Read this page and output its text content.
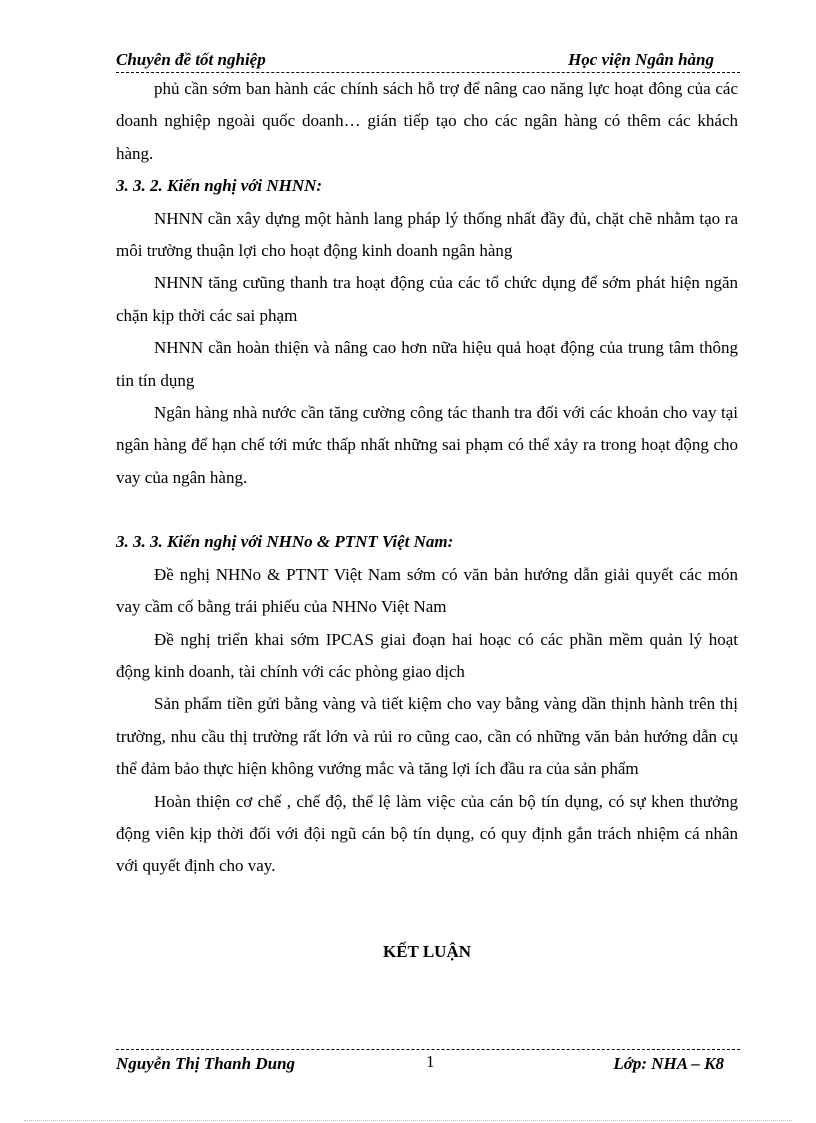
Chuyên đề tốt nghiệp	Học viện Ngân hàng

phủ cần sớm ban hành các chính sách hỗ trợ để nâng cao năng lực hoạt đông của các doanh nghiệp ngoài quốc doanh… gián tiếp tạo cho các ngân hàng có thêm các khách hàng.

3. 3. 2. Kiến nghị với NHNN:

NHNN cần xây dựng một hành lang pháp lý thống nhất đầy đủ, chặt chẽ nhằm tạo ra môi trường thuận lợi cho hoạt động kinh doanh ngân hàng

NHNN tăng cưũng thanh tra hoạt động của các tổ chức dụng để sớm phát hiện ngăn chặn kịp thời các sai phạm

NHNN cần hoàn thiện và nâng cao hơn nữa hiệu quả hoạt động của trung tâm thông tin tín dụng

Ngân hàng nhà nước cần tăng cường công tác thanh tra đối với các khoản cho vay tại ngân hàng để hạn chế tới mức thấp nhất những sai phạm có thể xảy ra trong hoạt động cho vay của ngân hàng.

3. 3. 3. Kiến nghị với NHNo & PTNT Việt Nam:

Đề nghị NHNo & PTNT Việt Nam sớm có văn bản hướng dẫn giải quyết các món vay cầm cố bằng trái phiếu của NHNo Việt Nam

Đề nghị triển khai sớm IPCAS giai đoạn hai hoạc có các phần mềm quản lý hoạt động kinh doanh, tài chính với các phòng giao dịch

Sản phẩm tiền gửi bằng vàng và tiết kiệm cho vay bằng vàng dần thịnh hành trên thị trường, nhu cầu thị trường rất lớn và rủi ro cũng cao, cần có những văn bản hướng dẫn cụ thể đảm bảo thực hiện không vướng mắc và tăng lợi ích đầu ra của sản phẩm

Hoàn thiện cơ chế , chế độ, thể lệ làm việc của cán bộ tín dụng, có sự khen thưởng động viên kịp thời đối với đội ngũ cán bộ tín dụng, có quy định gắn trách nhiệm cá nhân với quyết định cho vay.

KẾT LUẬN
Nguyễn Thị Thanh Dung	1	Lớp: NHA – K8
